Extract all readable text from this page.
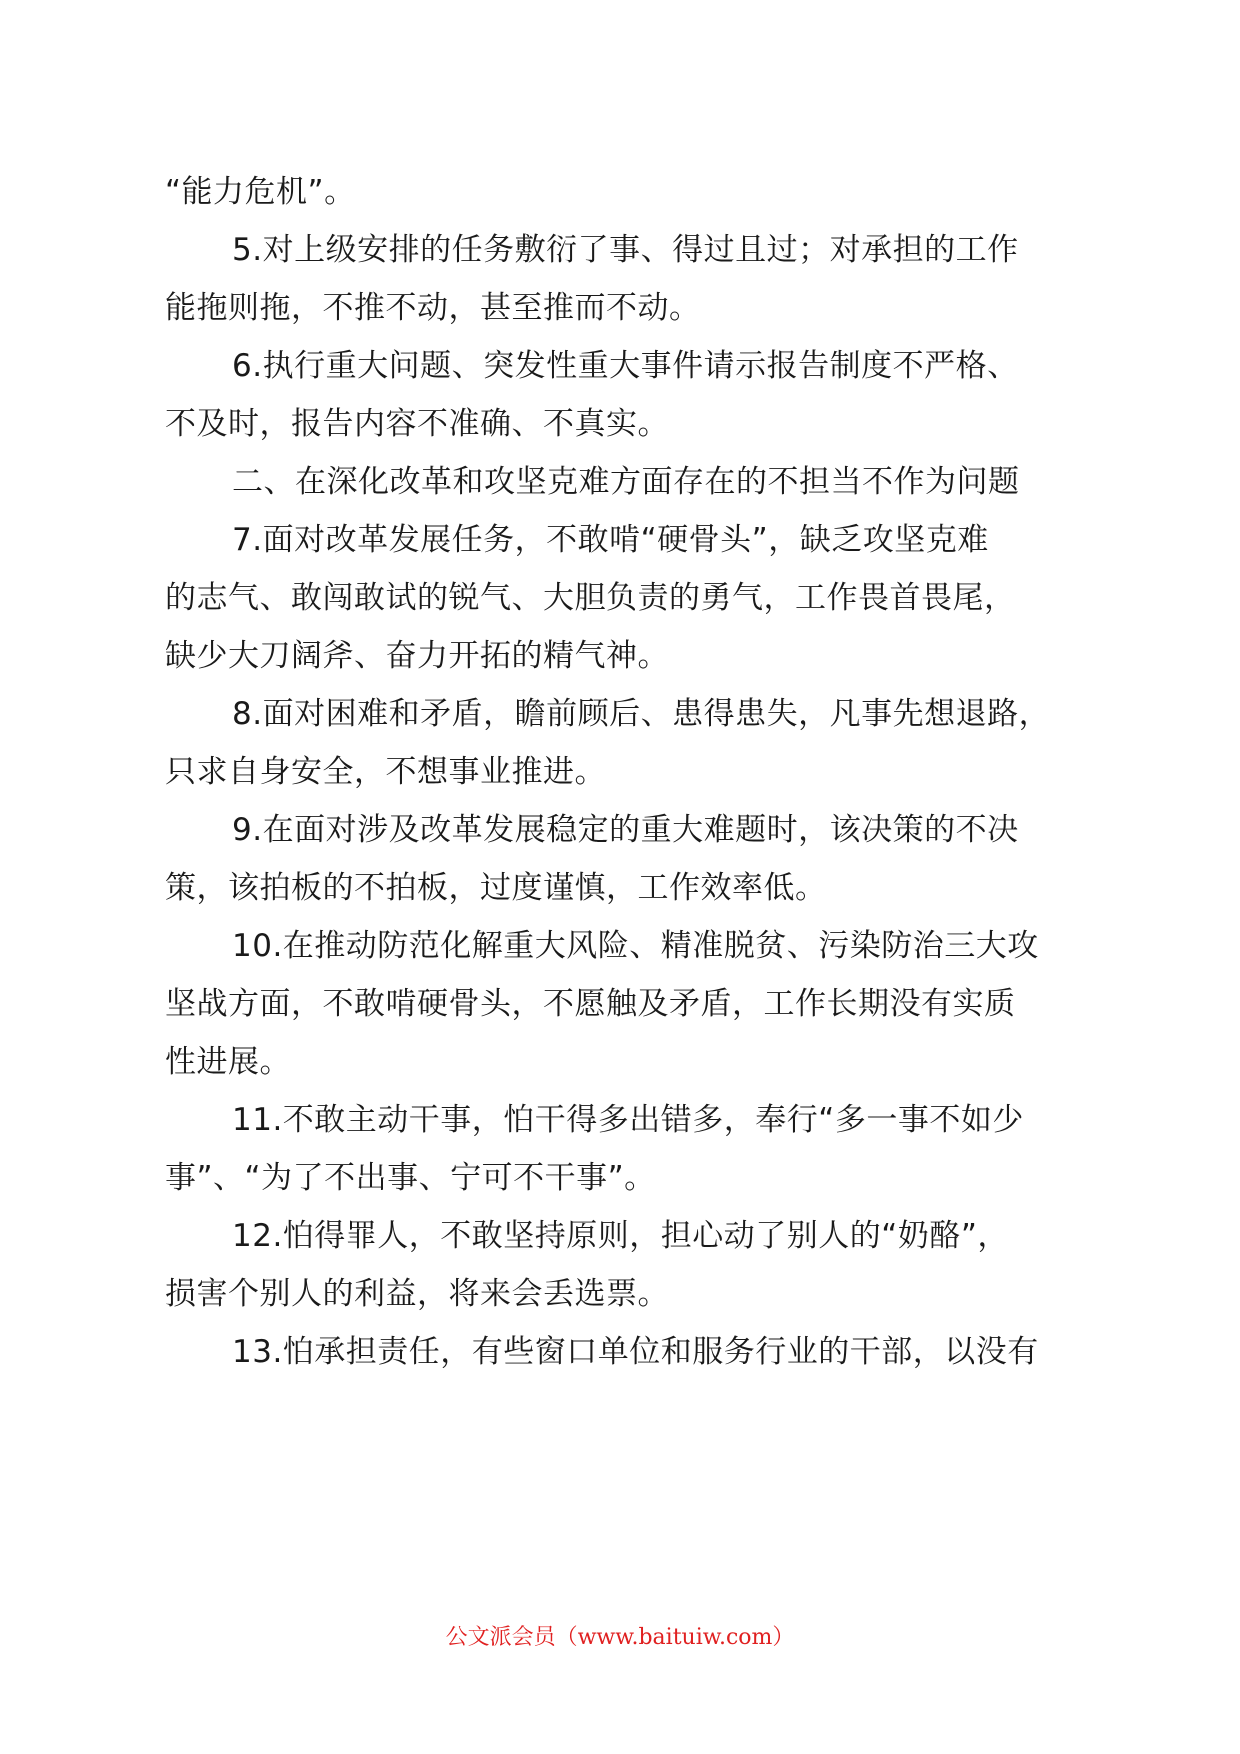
“能力危机”。
5.对上级安排的任务敷衍了事、得过且过；对承担的工作
能拖则拖，不推不动，甚至推而不动。
6.执行重大问题、突发性重大事件请示报告制度不严格、
不及时，报告内容不准确、不真实。
二、在深化改革和攻坚克难方面存在的不担当不作为问题
7.面对改革发展任务，不敢啃“硬骨头”，缺乏攻坚克难
的志气、敢闯敢试的锐气、大胆负责的勇气，工作畏首畏尾，
缺少大刀阔斧、奋力开拓的精气神。
8.面对困难和矛盾，瞻前顾后、患得患失，凡事先想退路，
只求自身安全，不想事业推进。
9.在面对涉及改革发展稳定的重大难题时，该决策的不决
策，该拍板的不拍板，过度谨慎，工作效率低。
10.在推动防范化解重大风险、精准脱贫、污染防治三大攻
坚战方面，不敢啃硬骨头，不愿触及矛盾，工作长期没有实质
性进展。
11.不敢主动干事，怕干得多出错多，奉行“多一事不如少
事”、“为了不出事、宁可不干事”。
12.怕得罪人，不敢坚持原则，担心动了别人的“奶酪”，
损害个别人的利益，将来会丢选票。
13.怕承担责任，有些窗口单位和服务行业的干部，以没有
公文派会员（www.baituiw.com）
